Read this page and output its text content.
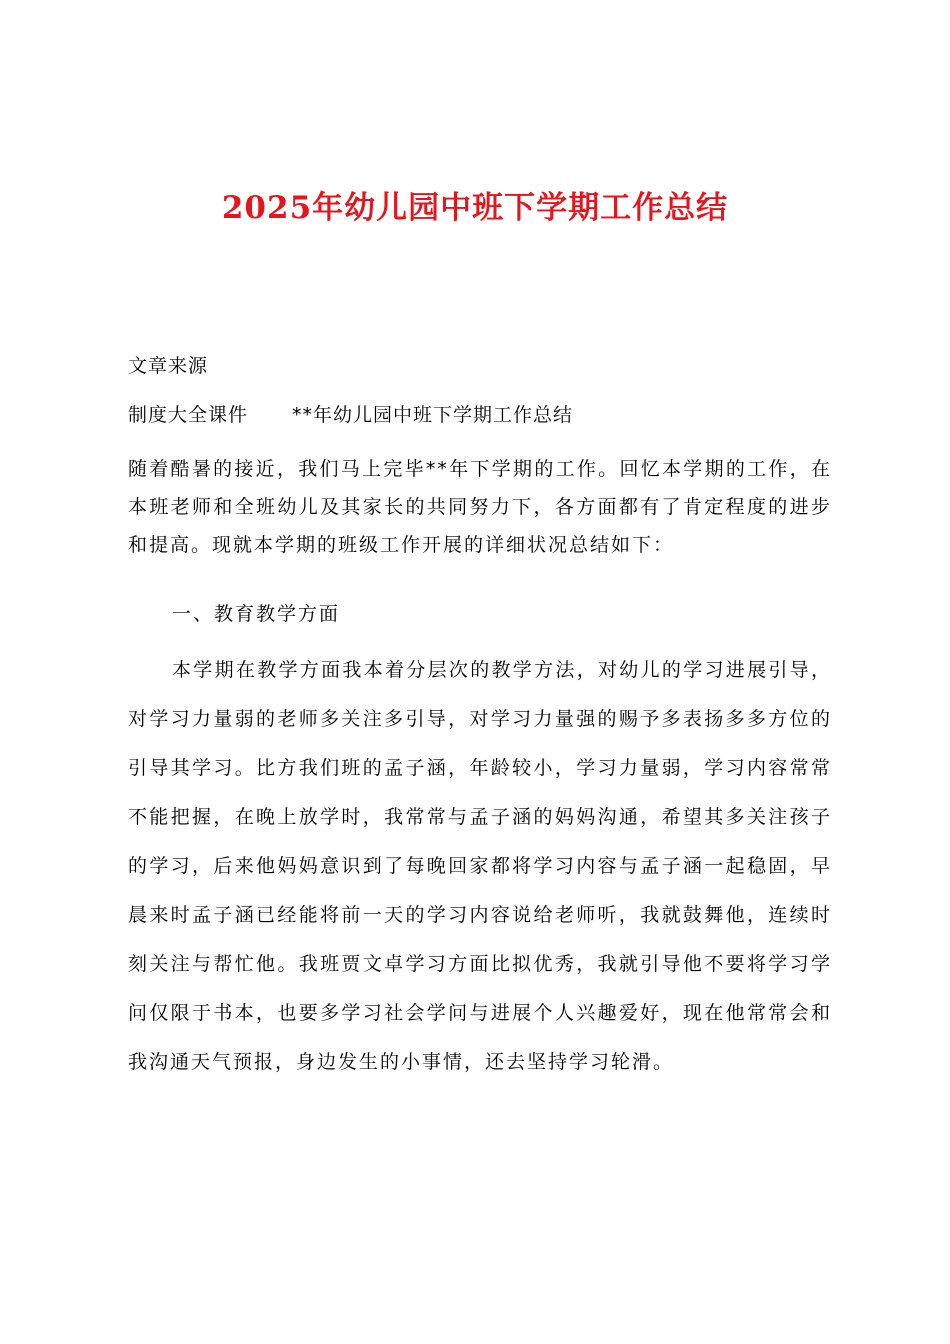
2025年幼儿园中班下学期工作总结
文章来源
制度大全课件 **年幼儿园中班下学期工作总结

随着酷暑的接近，我们马上完毕**年下学期的工作。回忆本学期的工作，在本班老师和全班幼儿及其家长的共同努力下，各方面都有了肯定程度的进步和提高。现就本学期的班级工作开展的详细状况总结如下：

一、教育教学方面

本学期在教学方面我本着分层次的教学方法，对幼儿的学习进展引导，对学习力量弱的老师多关注多引导，对学习力量强的赐予多表扬多多方位的引导其学习。比方我们班的孟子涵，年龄较小，学习力量弱，学习内容常常不能把握，在晚上放学时，我常常与孟子涵的妈妈沟通，希望其多关注孩子的学习，后来他妈妈意识到了每晚回家都将学习内容与孟子涵一起稳固，早晨来时孟子涵已经能将前一天的学习内容说给老师听，我就鼓舞他，连续时刻关注与帮忙他。我班贾文卓学习方面比拟优秀，我就引导他不要将学习学问仅限于书本，也要多学习社会学问与进展个人兴趣爱好，现在他常常会和我沟通天气预报，身边发生的小事情，还去坚持学习轮滑。
